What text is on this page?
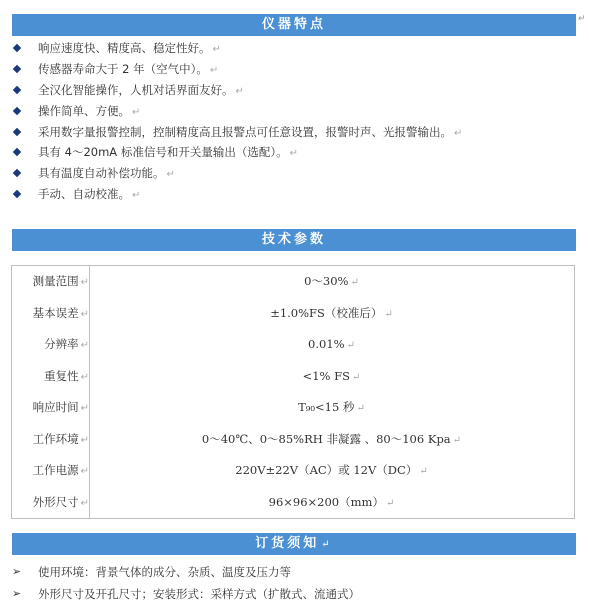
仪器特点	↵
响应速度快、精度高、稳定性好。 ↵
传感器寿命大于 2 年（空气中）。 ↵
全汉化智能操作，人机对话界面友好。 ↵
操作简单、方便。 ↵
采用数字量报警控制，控制精度高且报警点可任意设置，报警时声、光报警输出。 ↵
具有 4～20mA 标准信号和开关量输出（选配）。 ↵
具有温度自动补偿功能。 ↵
手动、自动校准。 ↵
技术参数
测量范围 ↵	0～30% ↵
基本误差 ↵	±1.0%FS（校准后） ↵
分辨率 ↵	0.01% ↵
重复性 ↵	<1% FS ↵
响应时间 ↵	T₉₀<15 秒 ↵
工作环境 ↵	0～40℃、0～85%RH 非凝露 、80～106 Kpa ↵
工作电源 ↵	220V±22V（AC）或 12V（DC） ↵
外形尺寸 ↵	96×96×200（mm） ↵
订货须知 ↵
➢ 使用环境：背景气体的成分、杂质、温度及压力等
➢ 外形尺寸及开孔尺寸；安装形式：采样方式（扩散式、流通式）
